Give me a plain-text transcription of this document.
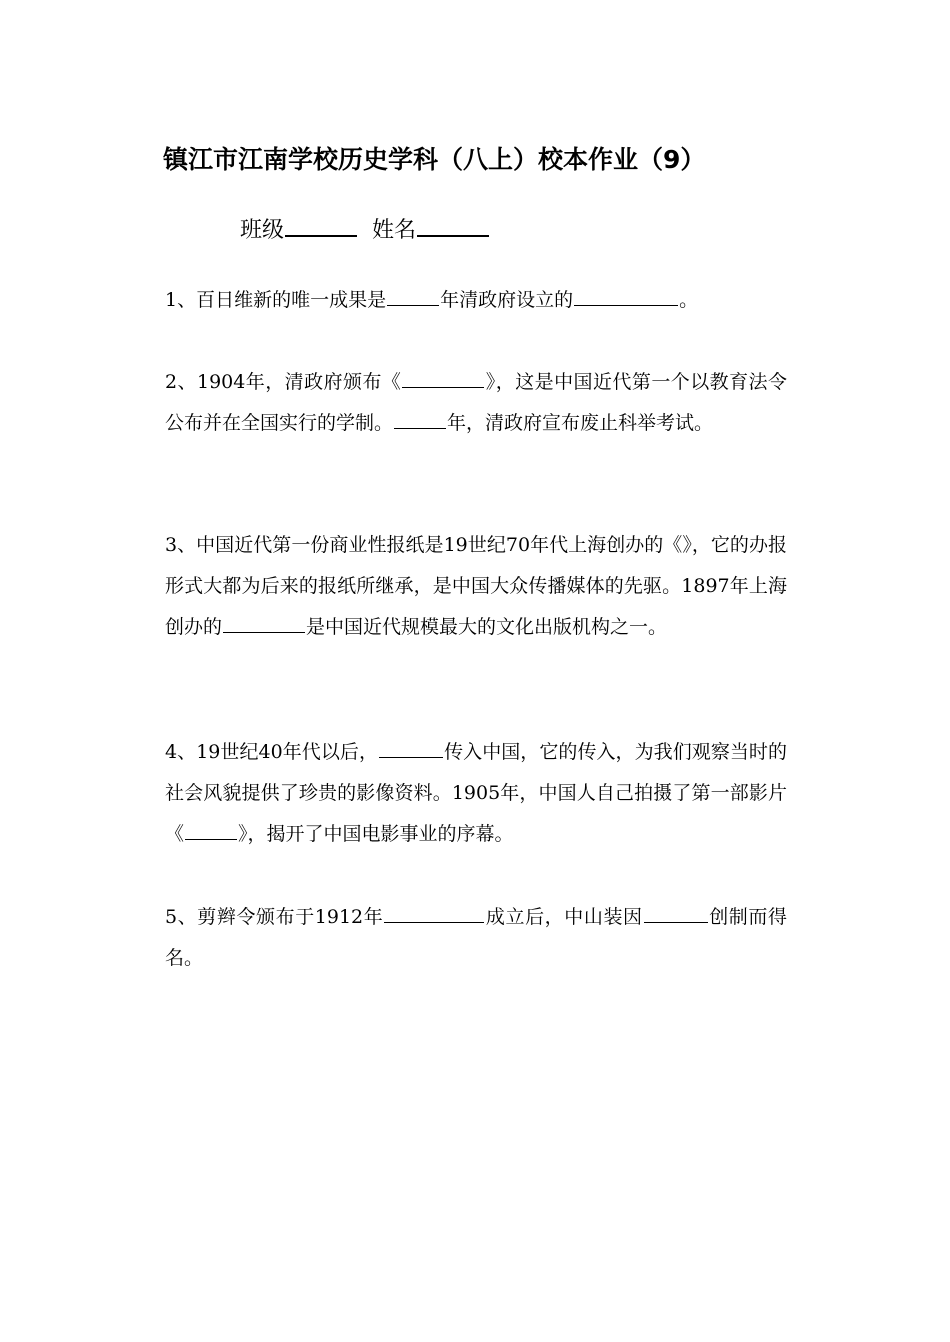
镇江市江南学校历史学科（八上）校本作业（9）
班级	姓名
1、百日维新的唯一成果是	年清政府设立的	。
2、1904年，清政府颁布《	》，这是中国近代第一个以教育法令公布并在全国实行的学制。	年，清政府宣布废止科举考试。
3、中国近代第一份商业性报纸是19世纪70年代上海创办的《》，它的办报形式大都为后来的报纸所继承，是中国大众传播媒体的先驱。1897年上海创办的	是中国近代规模最大的文化出版机构之一。
4、19世纪40年代以后，	传入中国，它的传入，为我们观察当时的社会风貌提供了珍贵的影像资料。1905年，中国人自己拍摄了第一部影片《	》，揭开了中国电影事业的序幕。
5、剪辫令颁布于1912年	成立后，中山装因	创制而得名。
